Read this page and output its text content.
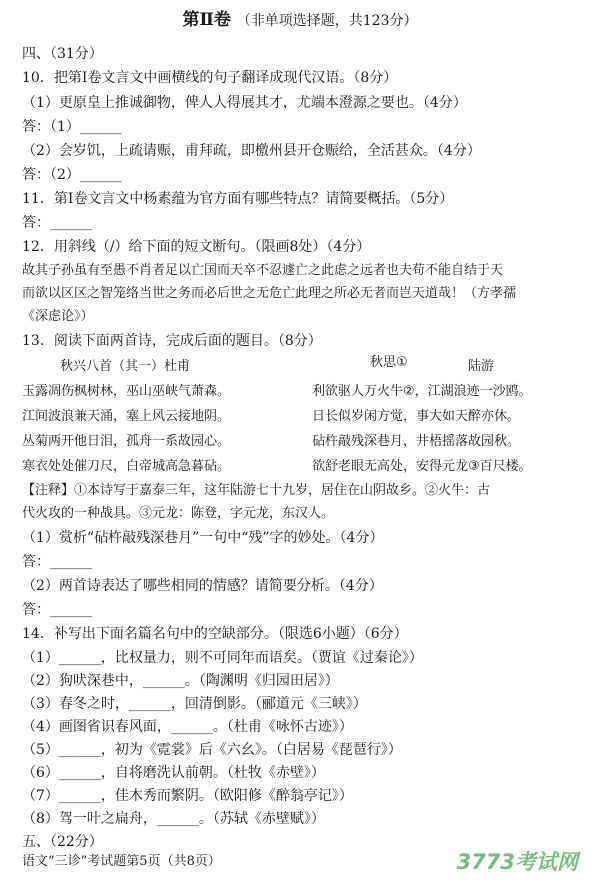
第Ⅱ卷 （非单项选择题，共123分）
四、（31分）
10．把第Ⅰ卷文言文中画横线的句子翻译成现代汉语。（8分）
（1）更原皇上推诚御物，俾人人得展其才，尤端本澄源之要也。（4分）
答：（1）______
（2）会岁饥，上疏请赈，甫拜疏，即檄州县开仓赈给，全活甚众。（4分）
答：（2）______
11．第Ⅰ卷文言文中杨素蕴为官方面有哪些特点？请简要概括。（5分）
答：______
12．用斜线（/）给下面的短文断句。（限画8处）（4分）
故其子孙虽有至愚不肖者足以亡国而天卒不忍遽亡之此虑之远者也夫苟不能自结于天
而欲以区区之智笼络当世之务而必后世之无危亡此理之所必无者而岂天道哉！（方孝孺
《深虑论》）
13．阅读下面两首诗，完成后面的题目。（8分）
秋兴八首（其一）杜甫	秋思①	陆游
玉露凋伤枫树林，巫山巫峡气萧森。
江间波浪兼天涌，塞上风云接地阴。
丛菊两开他日泪，孤舟一系故园心。
寒衣处处催刀尺，白帝城高急暮砧。
利欲驱人万火牛②，江湖浪迹一沙鸥。
日长似岁闲方觉，事大如天醉亦休。
砧杵敲残深巷月，井梧摇落故园秋。
欲舒老眼无高处，安得元龙③百尺楼。
【注释】①本诗写于嘉泰三年，这年陆游七十九岁，居住在山阴故乡。②火牛：古
代火攻的一种战具。③元龙：陈登，字元龙，东汉人。
（1）赏析“砧杵敲残深巷月”一句中“残”字的妙处。（4分）
答：______
（2）两首诗表达了哪些相同的情感？请简要分析。（4分）
答：______
14．补写出下面名篇名句中的空缺部分。（限选6小题）（6分）
（1）______，比权量力，则不可同年而语矣。（贾谊《过秦论》）
（2）狗吠深巷中，______。（陶渊明《归园田居》）
（3）春冬之时，______，回清倒影。（郦道元《三峡》）
（4）画图省识春风面，______。（杜甫《咏怀古迹》）
（5）______，初为《霓裳》后《六幺》。（白居易《琵琶行》）
（6）______，自将磨洗认前朝。（杜牧《赤壁》）
（7）______，佳木秀而繁阴。（欧阳修《醉翁亭记》）
（8）驾一叶之扁舟，______。（苏轼《赤壁赋》）
五、（22分）
语文“三诊”考试题第5页（共8页）	3773考试网
